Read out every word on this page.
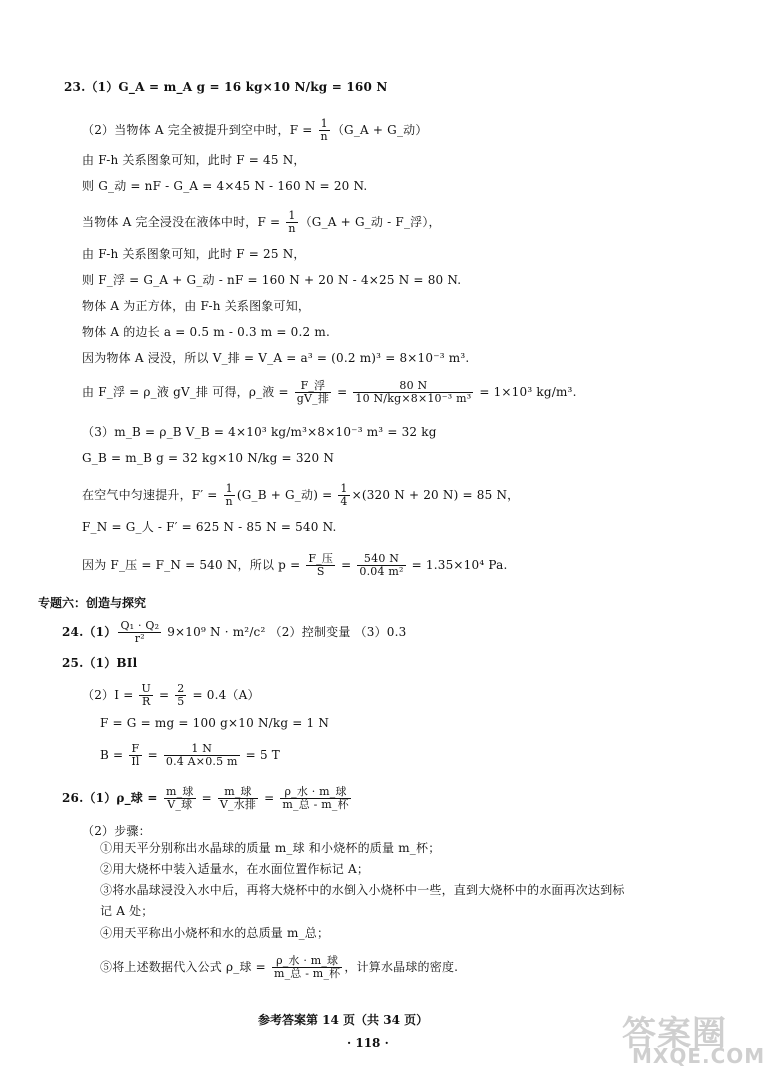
23.（1）G_A = m_A g = 16 kg×10 N/kg = 160 N
（2）当物体 A 完全被提升到空中时，$F = \frac{1}{n}$ （G_A + G_动）
由 F-h 关系图象可知，此时 F = 45 N，
则 G_动 = nF - G_A = 4×45 N - 160 N = 20 N.
当物体 A 完全浸没在液体中时，$F = \frac{1}{n}$ （G_A + G_动 - F_浮），
由 F-h 关系图象可知，此时 F = 25 N，
则 F_浮 = G_A + G_动 - nF = 160 N + 20 N - 4×25 N = 80 N.
物体 A 为正方体，由 F-h 关系图象可知，
物体 A 的边长 a = 0.5 m - 0.3 m = 0.2 m.
因为物体 A 浸没，所以 V_排 = V_A = a³ = (0.2 m)³ = 8×10⁻³ m³.
由 F_浮 = ρ_液 gV_排 可得，ρ_液 = $\frac{\text{F\_浮}}{\text{gV\_排}} = \frac{80 N}{\text{10 N/kg×8×10⁻³ m³}} = 1\times 10^3$ kg/m³.
（3）m_B = ρ_B V_B = 4×10³ kg/m³×8×10⁻³ m³ = 32 kg
G_B = m_B g = 32 kg×10 N/kg = 320 N
在空气中匀速提升，$F' = \frac{1}{n}$ (G_B + G_动) = $\frac{1}{4} \times(320$ N + 20 N) = 85 N，
F_N = G_人 - F′ = 625 N - 85 N = 540 N.
因为 F_压 = F_N = 540 N，所以 $p = \frac{\text{F\_压}}{S} = \frac{540 N}{\text{0.04 m²}} = 1.35\times 10^4$ Pa.
专题六：创造与探究
$24.(1) \frac{\text{Q₁ · Q₂}}{\text{r²}} 9\times 10^9$ N · m²/c² （2）控制变量 （3）0.3
25.（1）BIl
$(2)I = \frac{U}{R} = \frac{2}{5} = 0.4(A)$
F = G = mg = 100 g×10 N/kg = 1 N
$B = \frac{F}{Il} = \frac{1 N}{0.4 A\times 0.5 m} = 5$ T
26.（1）ρ_球 = $\frac{\text{m\_球}}{\text{V\_球}} = \frac{\text{m\_球}}{\text{V\_水排}} = \frac{\text{ρ\_水 · m\_球}}{\text{m\_总 - m\_杯}}$
（2）步骤：
①用天平分别称出水晶球的质量 m_球 和小烧杯的质量 m_杯；
②用大烧杯中装入适量水，在水面位置作标记 A；
③将水晶球浸没入水中后，再将大烧杯中的水倒入小烧杯中一些，直到大烧杯中的水面再次达到标
记 A 处；
④用天平称出小烧杯和水的总质量 m_总；
⑤将上述数据代入公式 ρ_球 = $\frac{\text{ρ\_水 · m\_球}}{\text{m\_总 - m\_杯}}$ ，计算水晶球的密度.
参考答案第 14 页（共 34 页）
· 118 ·	答案圈
MXQE.COM
